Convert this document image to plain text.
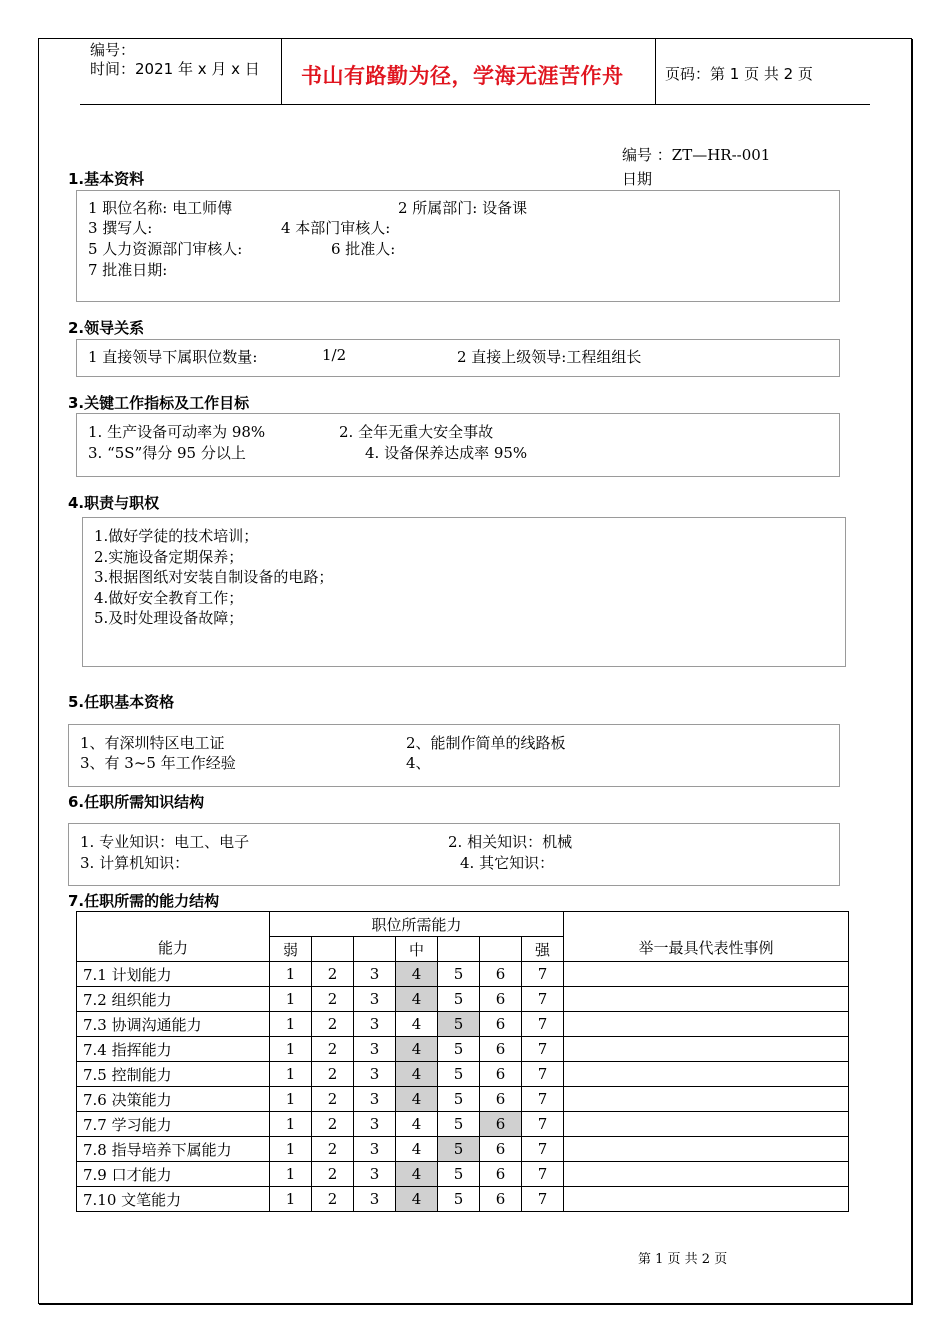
编号：
时间：2021 年 x 月 x 日 书山有路勤为径，学海无涯苦作舟	页码：第 1 页 共 2 页
编号 ：ZT—HR--001
日期
1.基本资料
1 职位名称: 电工师傅	2 所属部门: 设备课
3 撰写人:	4 本部门审核人:
5 人力资源部门审核人:	6 批准人:
7 批准日期:
2.领导关系
1 直接领导下属职位数量:	1/2	2 直接上级领导:工程组组长
3.关键工作指标及工作目标
1. 生产设备可动率为 98%	2. 全年无重大安全事故
3. “5S”得分 95 分以上	4. 设备保养达成率 95%
4.职责与职权
1.做好学徒的技术培训；
2.实施设备定期保养；
3.根据图纸对安装自制设备的电路；
4.做好安全教育工作；
5.及时处理设备故障；
5.任职基本资格
1、有深圳特区电工证	2、能制作简单的线路板
3、有 3~5 年工作经验	4、
6.任职所需知识结构
1. 专业知识：电工、电子	2. 相关知识：机械
3. 计算机知识：	4. 其它知识：
7.任职所需的能力结构
能力	职位所需能力							举一最具代表性事例
	弱			中			强	
7.1 计划能力	1	2	3	4	5	6	7	
7.2 组织能力	1	2	3	4	5	6	7	
7.3 协调沟通能力	1	2	3	4	5	6	7	
7.4 指挥能力	1	2	3	4	5	6	7	
7.5 控制能力	1	2	3	4	5	6	7	
7.6 决策能力	1	2	3	4	5	6	7	
7.7 学习能力	1	2	3	4	5	6	7	
7.8 指导培养下属能力	1	2	3	4	5	6	7	
7.9 口才能力	1	2	3	4	5	6	7	
7.10 文笔能力	1	2	3	4	5	6	7	
第 1 页 共 2 页
